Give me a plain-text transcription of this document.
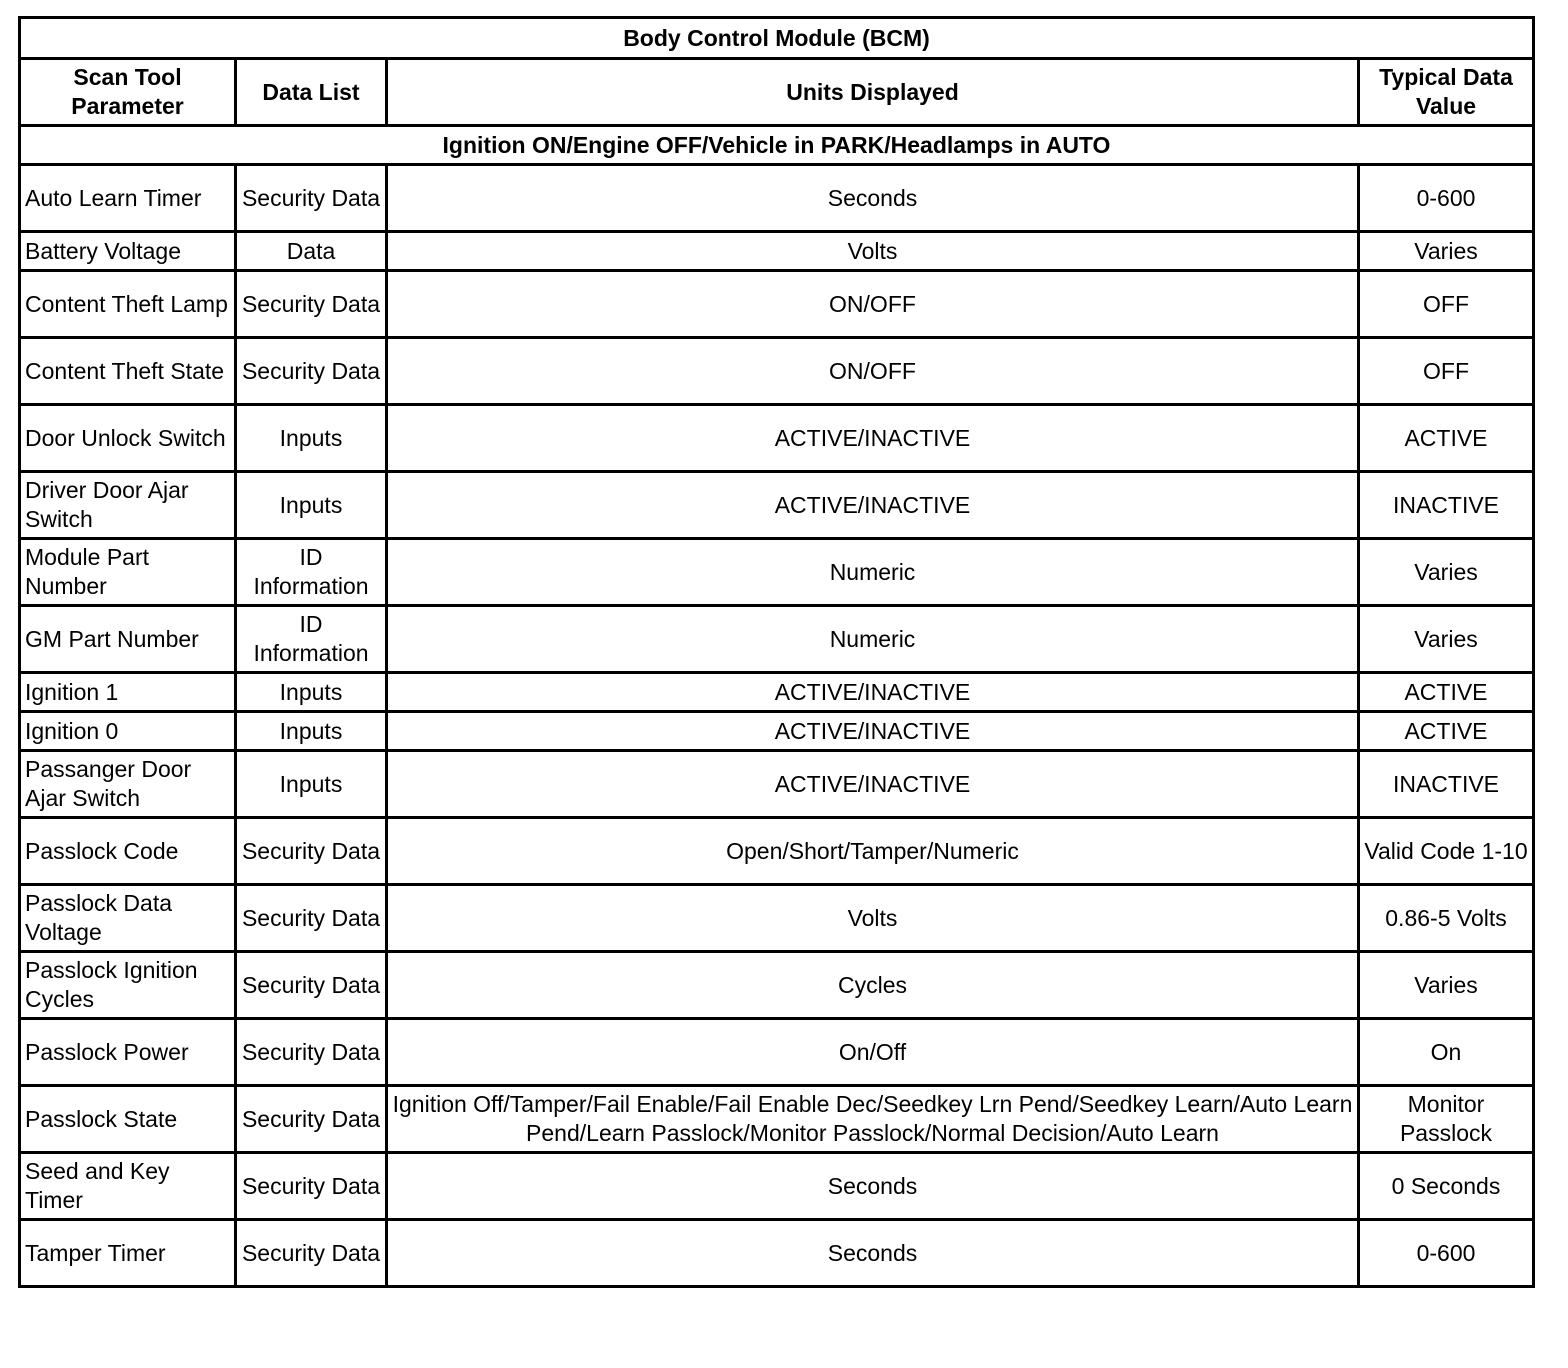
Body Control Module (BCM)			
Scan Tool Parameter	Data List	Units Displayed	Typical Data Value
Ignition ON/Engine OFF/Vehicle in PARK/Headlamps in AUTO			
Auto Learn Timer	Security Data	Seconds	0-600
Battery Voltage	Data	Volts	Varies
Content Theft Lamp	Security Data	ON/OFF	OFF
Content Theft State	Security Data	ON/OFF	OFF
Door Unlock Switch	Inputs	ACTIVE/INACTIVE	ACTIVE
Driver Door Ajar Switch	Inputs	ACTIVE/INACTIVE	INACTIVE
Module Part Number	ID Information	Numeric	Varies
GM Part Number	ID Information	Numeric	Varies
Ignition 1	Inputs	ACTIVE/INACTIVE	ACTIVE
Ignition 0	Inputs	ACTIVE/INACTIVE	ACTIVE
Passanger Door Ajar Switch	Inputs	ACTIVE/INACTIVE	INACTIVE
Passlock Code	Security Data	Open/Short/Tamper/Numeric	Valid Code 1-10
Passlock Data Voltage	Security Data	Volts	0.86-5 Volts
Passlock Ignition Cycles	Security Data	Cycles	Varies
Passlock Power	Security Data	On/Off	On
Passlock State	Security Data	Ignition Off/Tamper/Fail Enable/Fail Enable Dec/Seedkey Lrn Pend/Seedkey Learn/Auto Learn Pend/Learn Passlock/Monitor Passlock/Normal Decision/Auto Learn	Monitor Passlock
Seed and Key Timer	Security Data	Seconds	0 Seconds
Tamper Timer	Security Data	Seconds	0-600
